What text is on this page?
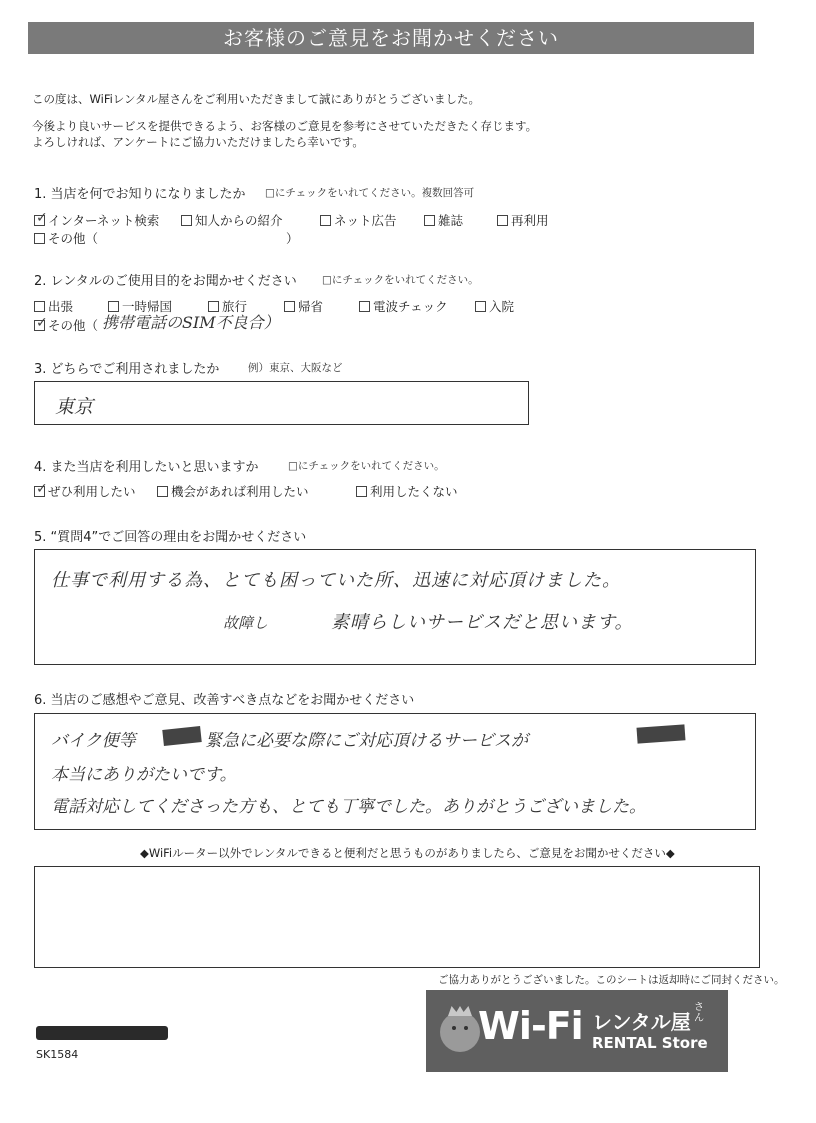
お客様のご意見をお聞かせください
この度は、WiFiレンタル屋さんをご利用いただきまして誠にありがとうございました。
今後より良いサービスを提供できるよう、お客様のご意見を参考にさせていただきたく存じます。
よろしければ、アンケートにご協力いただけましたら幸いです。
1. 当店を何でお知りになりましたか □にチェックをいれてください。複数回答可
✓ インターネット検索	知人からの紹介	ネット広告	雑誌	再利用
その他（	）
2. レンタルのご使用目的をお聞かせください □にチェックをいれてください。
出張	一時帰国	旅行	帰省	電波チェック	入院
✓ その他（ 携帯電話のSIM不良合）
3. どちらでご利用されましたか	例）東京、大阪など
東京
4. また当店を利用したいと思いますか	□にチェックをいれてください。
✓ ぜひ利用したい	機会があれば利用したい	利用したくない
5. “質問4”でご回答の理由をお聞かせください
仕事で利用する為、とても困っていた所、迅速に対応頂けました。
故障し	素晴らしいサービスだと思います。
6. 当店のご感想やご意見、改善すべき点などをお聞かせください
バイク便等	緊急に必要な際にご対応頂けるサービスが
本当にありがたいです。
電話対応してくださった方も、とても丁寧でした。ありがとうございました。
◆WiFiルーター以外でレンタルできると便利だと思うものがありましたら、ご意見をお聞かせください◆
ご協力ありがとうございました。このシートは返却時にご同封ください。
SK1584
Wi-Fi レンタル屋
さん
RENTAL Store
